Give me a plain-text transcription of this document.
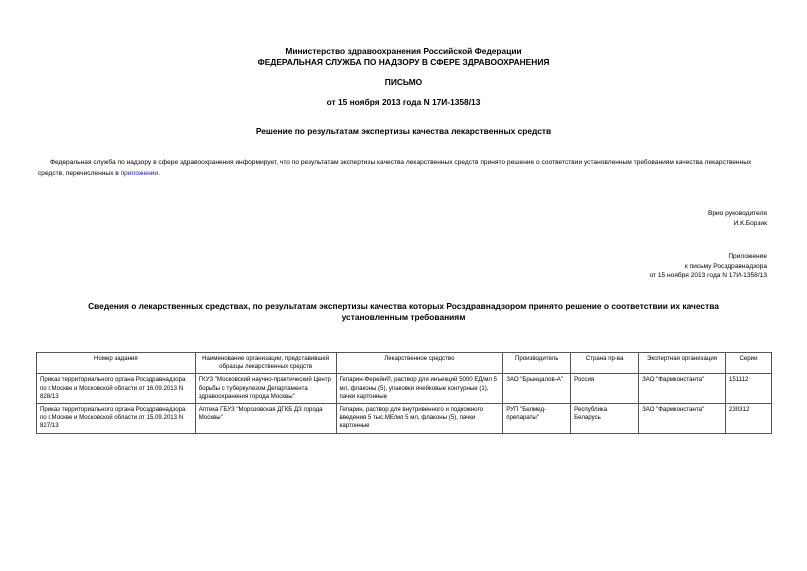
Министерство здравоохранения Российской Федерации
ФЕДЕРАЛЬНАЯ СЛУЖБА ПО НАДЗОРУ В СФЕРЕ ЗДРАВООХРАНЕНИЯ
ПИСЬМО
от 15 ноября 2013 года N 17И-1358/13
Решение по результатам экспертизы качества лекарственных средств
Федеральная служба по надзору в сфере здравоохранения информирует, что по результатам экспертизы качества лекарственных средств принято решение о соответствии установленным требованиям качества лекарственных средств, перечисленных в приложении.
Врио руководителя
И.К.Борзик
Приложение
к письму Росздравнадзора
от 15 ноября 2013 года N 17И-1358/13
Сведения о лекарственных средствах, по результатам экспертизы качества которых Росздравнадзором принято решение о соответствии их качества установленным требованиям
Номер задания	Наименование организации, представившей образцы лекарственных средств	Лекарственное средство	Производитель	Страна пр-ва	Экспертная организация	Серии
Приказ территориального органа Росздравнадзора по г.Москве и Московской области от 16.09.2013 N 828/13	ГКУЗ "Московский научно-практический Центр борьбы с туберкулезом Департамента здравоохранения города Москвы"	Гепарин-Ферейн®, раствор для инъекций 5000 ЕД/мл 5 мл, флаконы (5), упаковки ячейковые контурные (1), пачки картонные	ЗАО "Брынцалов-А"	Россия	ЗАО "Фармконстанта"	151112
Приказ территориального органа Росздравнадзора по г.Москве и Московской области от 15.09.2013 N 827/13	Аптека ГБУЗ "Морозовская ДГКБ ДЗ города Москвы"	Гепарин, раствор для внутривенного и подкожного введения 5 тыс.МЕ/мл 5 мл, флаконы (5), пачки картонные	РУП "Белмед-препараты"	Республика Беларусь	ЗАО "Фармконстанта"	230312
